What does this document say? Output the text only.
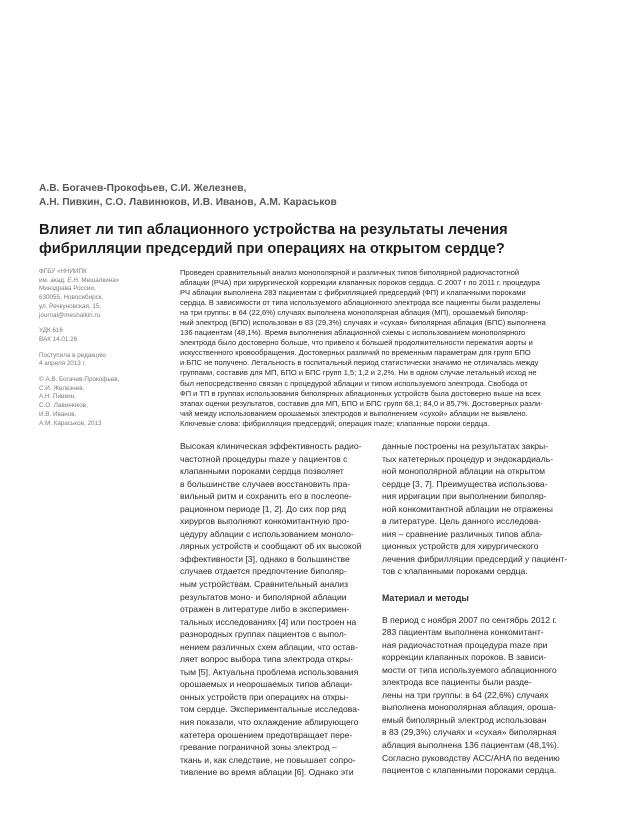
А.В. Богачев-Прокофьев, С.И. Железнев,
А.Н. Пивкин, С.О. Лавинюков, И.В. Иванов, А.М. Караськов
Влияет ли тип аблационного устройства на результаты лечения
фибрилляции предсердий при операциях на открытом сердце?
ФГБУ «ННИИПК
им. акад. Е.Н. Мешалкина»
Минздрава России,
630055, Новосибирск,
ул. Речкуновская, 15,
journal@meshalkin.ru
УДК 616
ВАК 14.01.26
Поступила в редакцию
4 апреля 2013 г.
© А.В. Богачев-Прокофьев,
С.И. Железнев,
А.Н. Пивкин,
С.О. Лавинюков,
И.В. Иванов,
А.М. Караськов, 2013
Проведен сравнительный анализ монополярной и различных типов биполярной радиочастотной
аблации (РЧА) при хирургической коррекции клапанных пороков сердца. С 2007 г по 2011 г. процедура
РЧ аблации выполнена 283 пациентам с фибрилляцией предсердий (ФП) и клапанными пороками
сердца. В зависимости от типа используемого аблационного электрода все пациенты были разделены
на три группы: в 64 (22,6%) случаях выполнена монополярная аблация (МП), орошаемый биполяр-
ный электрод (БПО) использован в 83 (29,3%) случаях и «сухая» биполярная аблация (БПС) выполнена
136 пациентам (48,1%). Время выполнения аблационной схемы с использованием монополярного
электрода было достоверно больше, что привело к большей продолжительности пережатия аорты и
искусственного кровообращения. Достоверных различий по временным параметрам для групп БПО
и БПС не получено. Летальность в госпитальный период статистически значимо не отличалась между
группами, составив для МП, БПО и БПС групп 1,5; 1,2 и 2,2%. Ни в одном случае летальный исход не
был непосредственно связан с процедурой аблации и типом используемого электрода. Свобода от
ФП и ТП в группах использования биполярных аблационных устройств была достоверно выше на всех
этапах оценки результатов, составив для МП, БПО и БПС групп 68,1; 84,0 и 85,7%. Достоверных разли-
чий между использованием орошаемых электродов и выполнением «сухой» аблации не выявлено.
Ключевые слова: фибрилляция предсердий; операция maze; клапанные пороки сердца.
Высокая клиническая эффективность радио-
частотной процедуры maze у пациентов с
клапанными пороками сердца позволяет
в большинстве случаев восстановить пра-
вильный ритм и сохранить его в послеопе-
рационном периоде [1, 2]. До сих пор ряд
хирургов выполняют конкомитантную про-
цедуру аблации с использованием моноло-
лярных устройств и сообщают об их высокой
эффективности [3], однако в большинстве
случаев отдается предпочтение биполяр-
ным устройствам. Сравнительный анализ
результатов моно- и биполярной аблации
отражен в литературе либо в эксперимен-
тальных исследованиях [4] или построен на
разнородных группах пациентов с выпол-
нением различных схем аблации, что остав-
ляет вопрос выбора типа электрода откры-
тым [5]. Актуальна проблема использования
орошаемых и неорошаемых типов аблаци-
онных устройств при операциях на откры-
том сердце. Экспериментальные исследова-
ния показали, что охлаждение аблирующего
катетера орошением предотвращает пере-
гревание пограничной зоны электрод –
ткань и, как следствие, не повышает сопро-
тивление во время аблации [6]. Однако эти
данные построены на результатах закры-
тых катетерных процедур и эндокардиаль-
ной монополярной аблации на открытом
сердце [3, 7]. Преимущества использова-
ния ирригации при выполнении биполяр-
ной конкомитантной аблации не отражены
в литературе. Цель данного исследова-
ния – сравнение различных типов абла-
ционных устройств для хирургического
лечения фибрилляции предсердий у пациент-
тов с клапанными пороками сердца.
Материал и методы
В период с ноября 2007 по сентябрь 2012 г.
283 пациентам выполнена конкомитант-
ная радиочастотная процедура maze при
коррекции клапанных пороков. В зависи-
мости от типа используемого аблационного
электрода все пациенты были разде-
лены на три группы: в 64 (22,6%) случаях
выполнена монополярная аблация, ороша-
емый биполярный электрод использован
в 83 (29,3%) случаях и «сухая» биполярная
аблация выполнена 136 пациентам (48,1%).
Согласно руководству ACC/AHA по ведению
пациентов с клапанными пороками сердца.
